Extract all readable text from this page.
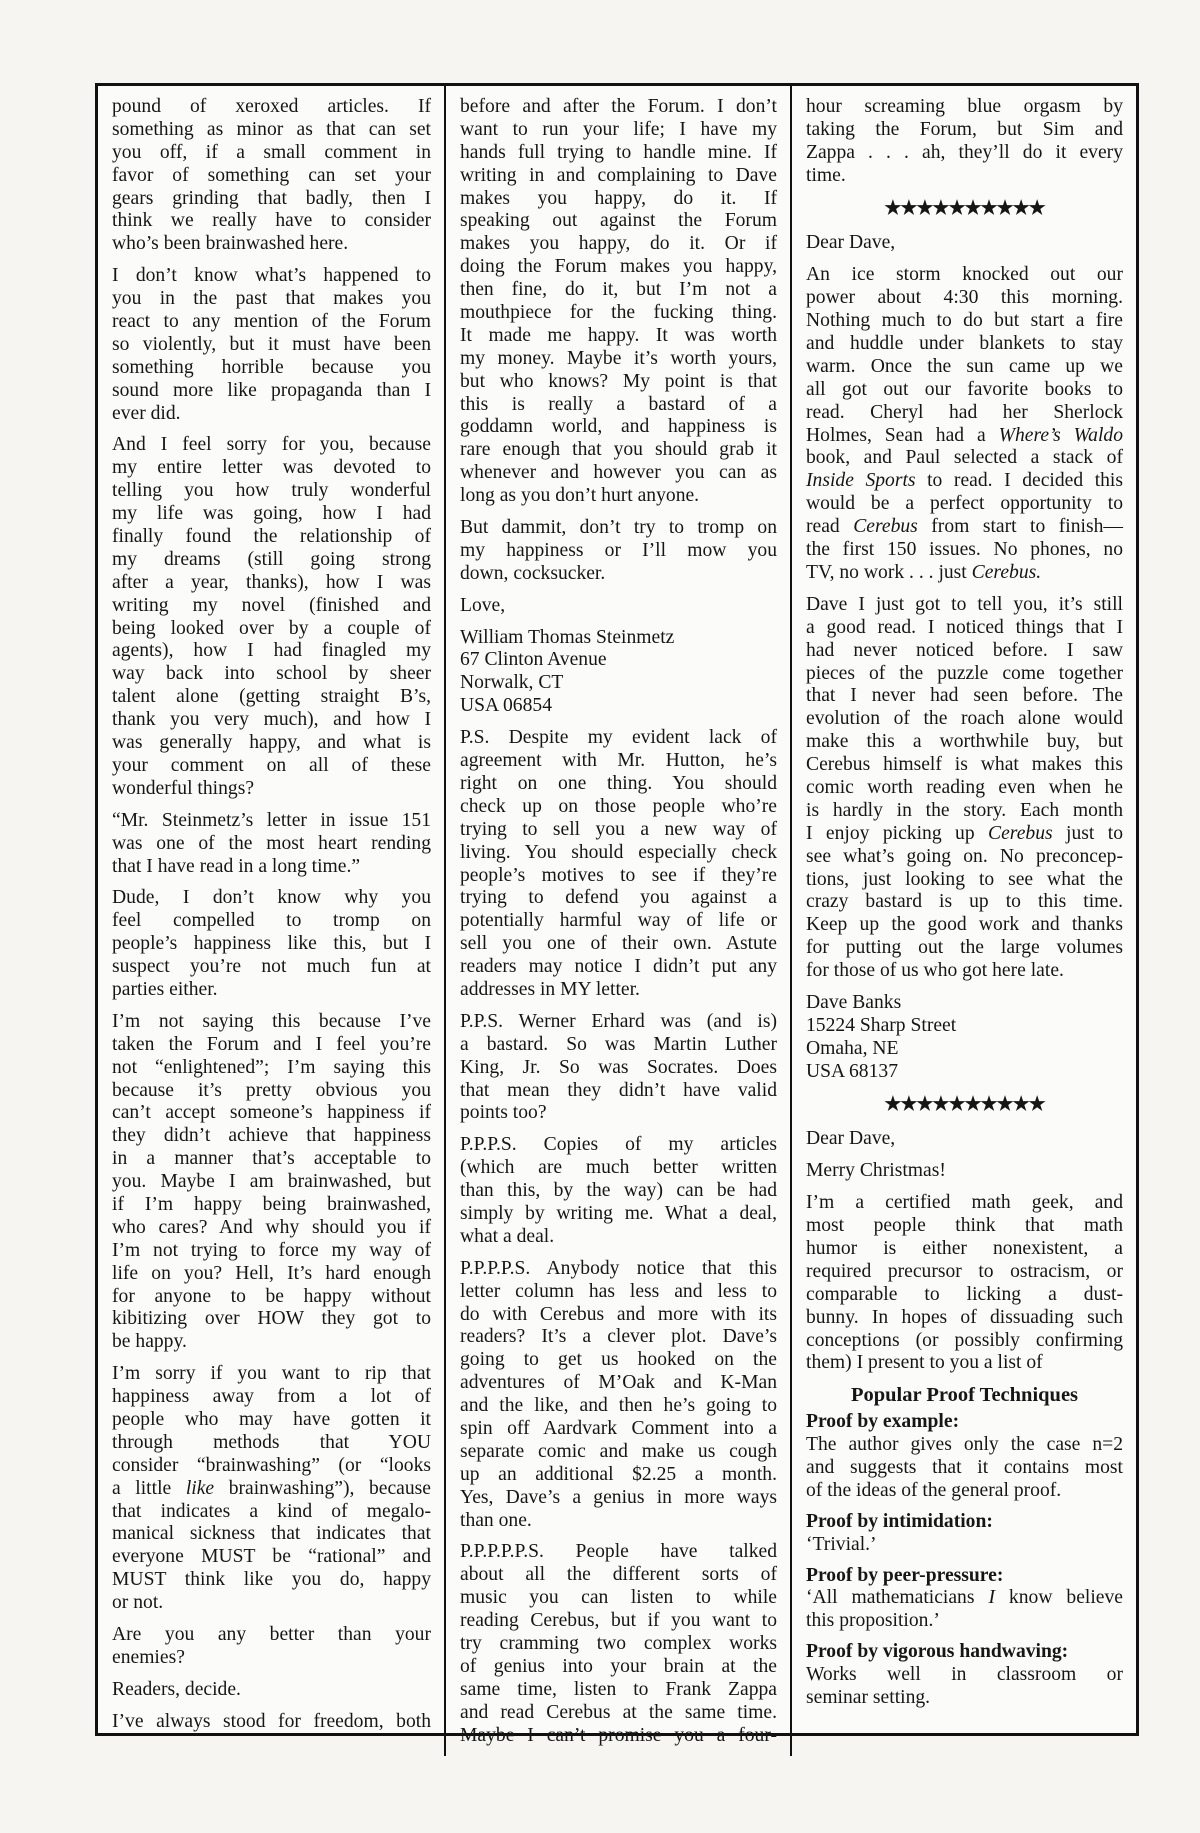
pound of xeroxed articles. If
something as minor as that can set
you off, if a small comment in
favor of something can set your
gears grinding that badly, then I
think we really have to consider
who’s been brainwashed here.
I don’t know what’s happened to
you in the past that makes you
react to any mention of the Forum
so violently, but it must have been
something horrible because you
sound more like propaganda than I
ever did.
And I feel sorry for you, because
my entire letter was devoted to
telling you how truly wonderful
my life was going, how I had
finally found the relationship of
my dreams (still going strong
after a year, thanks), how I was
writing my novel (finished and
being looked over by a couple of
agents), how I had finagled my
way back into school by sheer
talent alone (getting straight B’s,
thank you very much), and how I
was generally happy, and what is
your comment on all of these
wonderful things?
“Mr. Steinmetz’s letter in issue 151
was one of the most heart rending
that I have read in a long time.”
Dude, I don’t know why you
feel compelled to tromp on
people’s happiness like this, but I
suspect you’re not much fun at
parties either.
I’m not saying this because I’ve
taken the Forum and I feel you’re
not “enlightened”; I’m saying this
because it’s pretty obvious you
can’t accept someone’s happiness if
they didn’t achieve that happiness
in a manner that’s acceptable to
you. Maybe I am brainwashed, but
if I’m happy being brainwashed,
who cares? And why should you if
I’m not trying to force my way of
life on you? Hell, It’s hard enough
for anyone to be happy without
kibitizing over HOW they got to
be happy.
I’m sorry if you want to rip that
happiness away from a lot of
people who may have gotten it
through methods that YOU
consider “brainwashing” (or “looks
a little like brainwashing”), because
that indicates a kind of megalo-
manical sickness that indicates that
everyone MUST be “rational” and
MUST think like you do, happy
or not.
Are you any better than your
enemies?
Readers, decide.
I’ve always stood for freedom, both
before and after the Forum. I don’t
want to run your life; I have my
hands full trying to handle mine. If
writing in and complaining to Dave
makes you happy, do it. If
speaking out against the Forum
makes you happy, do it. Or if
doing the Forum makes you happy,
then fine, do it, but I’m not a
mouthpiece for the fucking thing.
It made me happy. It was worth
my money. Maybe it’s worth yours,
but who knows? My point is that
this is really a bastard of a
goddamn world, and happiness is
rare enough that you should grab it
whenever and however you can as
long as you don’t hurt anyone.
But dammit, don’t try to tromp on
my happiness or I’ll mow you
down, cocksucker.
Love,
William Thomas Steinmetz
67 Clinton Avenue
Norwalk, CT
USA 06854
P.S. Despite my evident lack of
agreement with Mr. Hutton, he’s
right on one thing. You should
check up on those people who’re
trying to sell you a new way of
living. You should especially check
people’s motives to see if they’re
trying to defend you against a
potentially harmful way of life or
sell you one of their own. Astute
readers may notice I didn’t put any
addresses in MY letter.
P.P.S. Werner Erhard was (and is)
a bastard. So was Martin Luther
King, Jr. So was Socrates. Does
that mean they didn’t have valid
points too?
P.P.P.S. Copies of my articles
(which are much better written
than this, by the way) can be had
simply by writing me. What a deal,
what a deal.
P.P.P.P.S. Anybody notice that this
letter column has less and less to
do with Cerebus and more with its
readers? It’s a clever plot. Dave’s
going to get us hooked on the
adventures of M’Oak and K-Man
and the like, and then he’s going to
spin off Aardvark Comment into a
separate comic and make us cough
up an additional $2.25 a month.
Yes, Dave’s a genius in more ways
than one.
P.P.P.P.P.S. People have talked
about all the different sorts of
music you can listen to while
reading Cerebus, but if you want to
try cramming two complex works
of genius into your brain at the
same time, listen to Frank Zappa
and read Cerebus at the same time.
Maybe I can’t promise you a four-
hour screaming blue orgasm by
taking the Forum, but Sim and
Zappa . . . ah, they’ll do it every
time.
★★★★★★★★★★
Dear Dave,
An ice storm knocked out our
power about 4:30 this morning.
Nothing much to do but start a fire
and huddle under blankets to stay
warm. Once the sun came up we
all got out our favorite books to
read. Cheryl had her Sherlock
Holmes, Sean had a Where’s Waldo
book, and Paul selected a stack of
Inside Sports to read. I decided this
would be a perfect opportunity to
read Cerebus from start to finish—
the first 150 issues. No phones, no
TV, no work . . . just Cerebus.
Dave I just got to tell you, it’s still
a good read. I noticed things that I
had never noticed before. I saw
pieces of the puzzle come together
that I never had seen before. The
evolution of the roach alone would
make this a worthwhile buy, but
Cerebus himself is what makes this
comic worth reading even when he
is hardly in the story. Each month
I enjoy picking up Cerebus just to
see what’s going on. No preconcep-
tions, just looking to see what the
crazy bastard is up to this time.
Keep up the good work and thanks
for putting out the large volumes
for those of us who got here late.
Dave Banks
15224 Sharp Street
Omaha, NE
USA 68137
★★★★★★★★★★
Dear Dave,
Merry Christmas!
I’m a certified math geek, and
most people think that math
humor is either nonexistent, a
required precursor to ostracism, or
comparable to licking a dust-
bunny. In hopes of dissuading such
conceptions (or possibly confirming
them) I present to you a list of
Popular Proof Techniques
Proof by example:
The author gives only the case n=2
and suggests that it contains most
of the ideas of the general proof.
Proof by intimidation:
‘Trivial.’
Proof by peer-pressure:
‘All mathematicians I know believe
this proposition.’
Proof by vigorous handwaving:
Works well in classroom or
seminar setting.
